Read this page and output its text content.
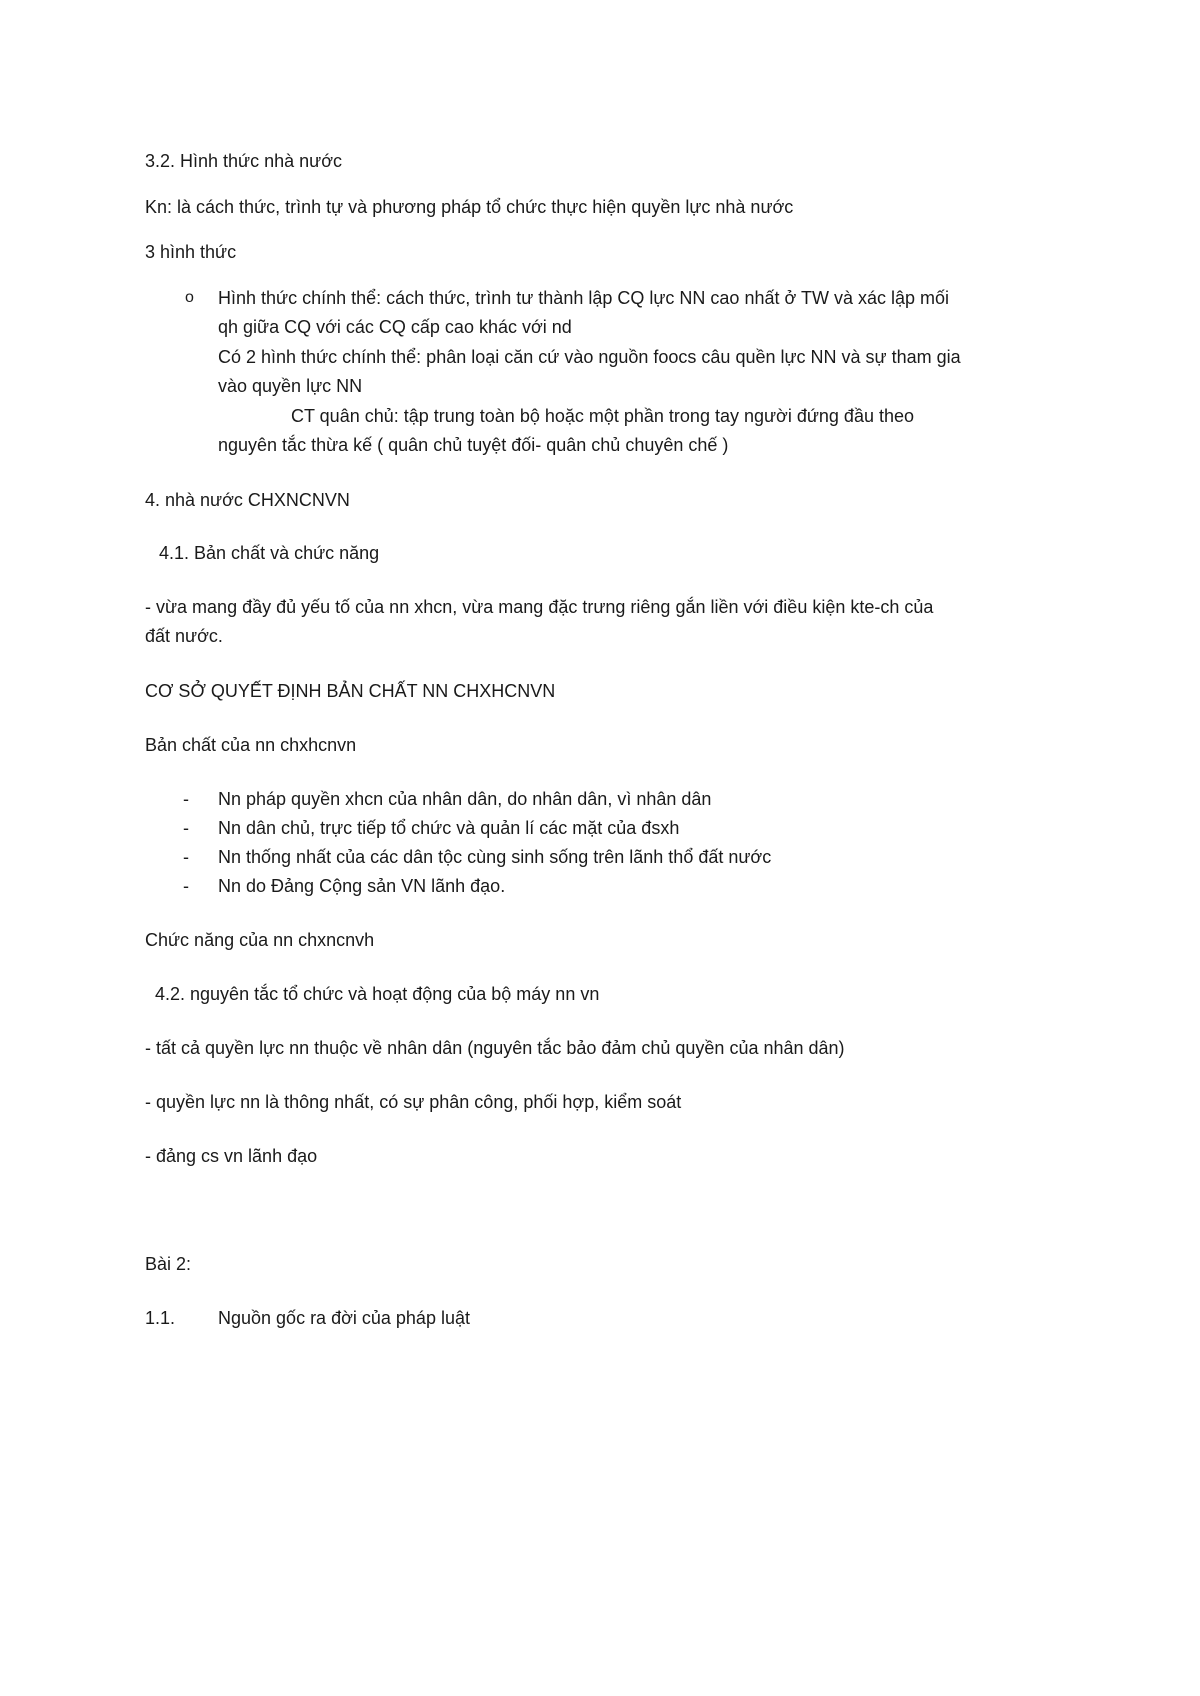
3.2. Hình thức nhà nước
Kn: là cách thức, trình tự và phương pháp tổ chức thực hiện quyền lực nhà nước
3 hình thức
o Hình thức chính thể: cách thức, trình tư thành lập CQ lực NN cao nhất ở TW và xác lập mối
qh giữa CQ với các CQ cấp cao khác với nd
Có 2 hình thức chính thể: phân loại căn cứ vào nguồn foocs câu quền lực NN và sự tham gia
vào quyền lực NN
CT quân chủ: tập trung toàn bộ hoặc một phần trong tay người đứng đầu theo
nguyên tắc thừa kế ( quân chủ tuyệt đối- quân chủ chuyên chế )
4. nhà nước CHXNCNVN
4.1. Bản chất và chức năng
- vừa mang đầy đủ yếu tố của nn xhcn, vừa mang đặc trưng riêng gắn liền với điều kiện kte-ch của
đất nước.
CƠ SỞ QUYẾT ĐỊNH BẢN CHẤT NN CHXHCNVN
Bản chất của nn chxhcnvn
- Nn pháp quyền xhcn của nhân dân, do nhân dân, vì nhân dân
- Nn dân chủ, trực tiếp tổ chức và quản lí các mặt của đsxh
- Nn thống nhất của các dân tộc cùng sinh sống trên lãnh thổ đất nước
- Nn do Đảng Cộng sản VN lãnh đạo.
Chức năng của nn chxncnvh
4.2. nguyên tắc tổ chức và hoạt động của bộ máy nn vn
- tất cả quyền lực nn thuộc về nhân dân (nguyên tắc bảo đảm chủ quyền của nhân dân)
- quyền lực nn là thông nhất, có sự phân công, phối hợp, kiểm soát
- đảng cs vn lãnh đạo
Bài 2:
1.1. Nguồn gốc ra đời của pháp luật
